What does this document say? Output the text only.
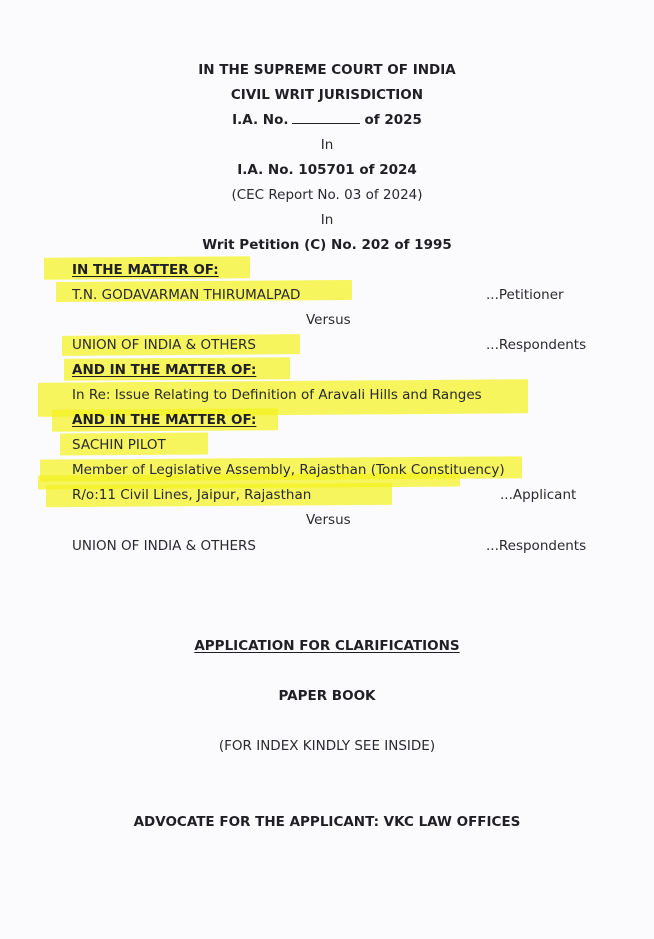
IN THE SUPREME COURT OF INDIA
CIVIL WRIT JURISDICTION
I.A. No.	of 2025
In
I.A. No. 105701 of 2024
(CEC Report No. 03 of 2024)
In
Writ Petition (C) No. 202 of 1995
IN THE MATTER OF:
T.N. GODAVARMAN THIRUMALPAD	...Petitioner
Versus
UNION OF INDIA & OTHERS	...Respondents
AND IN THE MATTER OF:
In Re: Issue Relating to Definition of Aravali Hills and Ranges
AND IN THE MATTER OF:
SACHIN PILOT
Member of Legislative Assembly, Rajasthan (Tonk Constituency)
R/o:11 Civil Lines, Jaipur, Rajasthan	...Applicant
Versus
UNION OF INDIA & OTHERS	...Respondents
APPLICATION FOR CLARIFICATIONS
PAPER BOOK
(FOR INDEX KINDLY SEE INSIDE)
ADVOCATE FOR THE APPLICANT: VKC LAW OFFICES
